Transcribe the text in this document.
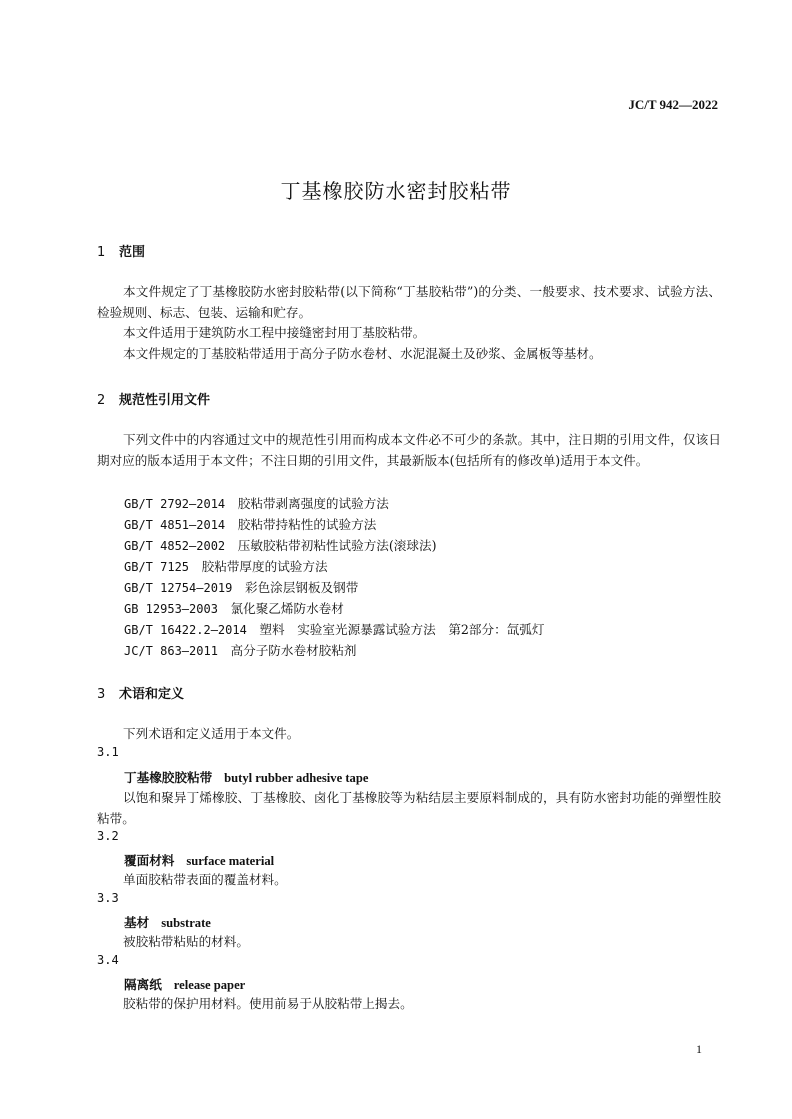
JC/T 942—2022
丁基橡胶防水密封胶粘带
1 范围
本文件规定了丁基橡胶防水密封胶粘带(以下简称“丁基胶粘带”)的分类、一般要求、技术要求、试验方法、检验规则、标志、包装、运输和贮存。
本文件适用于建筑防水工程中接缝密封用丁基胶粘带。
本文件规定的丁基胶粘带适用于高分子防水卷材、水泥混凝土及砂浆、金属板等基材。
2 规范性引用文件
下列文件中的内容通过文中的规范性引用而构成本文件必不可少的条款。其中，注日期的引用文件，仅该日期对应的版本适用于本文件；不注日期的引用文件，其最新版本(包括所有的修改单)适用于本文件。
GB/T 2792—2014　 胶粘带剥离强度的试验方法
GB/T 4851—2014　 胶粘带持粘性的试验方法
GB/T 4852—2002　 压敏胶粘带初粘性试验方法(滚球法)
GB/T 7125　 胶粘带厚度的试验方法
GB/T 12754—2019　 彩色涂层钢板及钢带
GB 12953—2003　 氯化聚乙烯防水卷材
GB/T 16422.2—2014　 塑料　实验室光源暴露试验方法　第2部分：氙弧灯
JC/T 863—2011　 高分子防水卷材胶粘剂
3 术语和定义
下列术语和定义适用于本文件。
3.1
丁基橡胶胶粘带 butyl rubber adhesive tape
以饱和聚异丁烯橡胶、丁基橡胶、卤化丁基橡胶等为粘结层主要原料制成的，具有防水密封功能的弹塑性胶粘带。
3.2
覆面材料 surface material
单面胶粘带表面的覆盖材料。
3.3
基材 substrate
被胶粘带粘贴的材料。
3.4
隔离纸 release paper
胶粘带的保护用材料。使用前易于从胶粘带上揭去。
1
